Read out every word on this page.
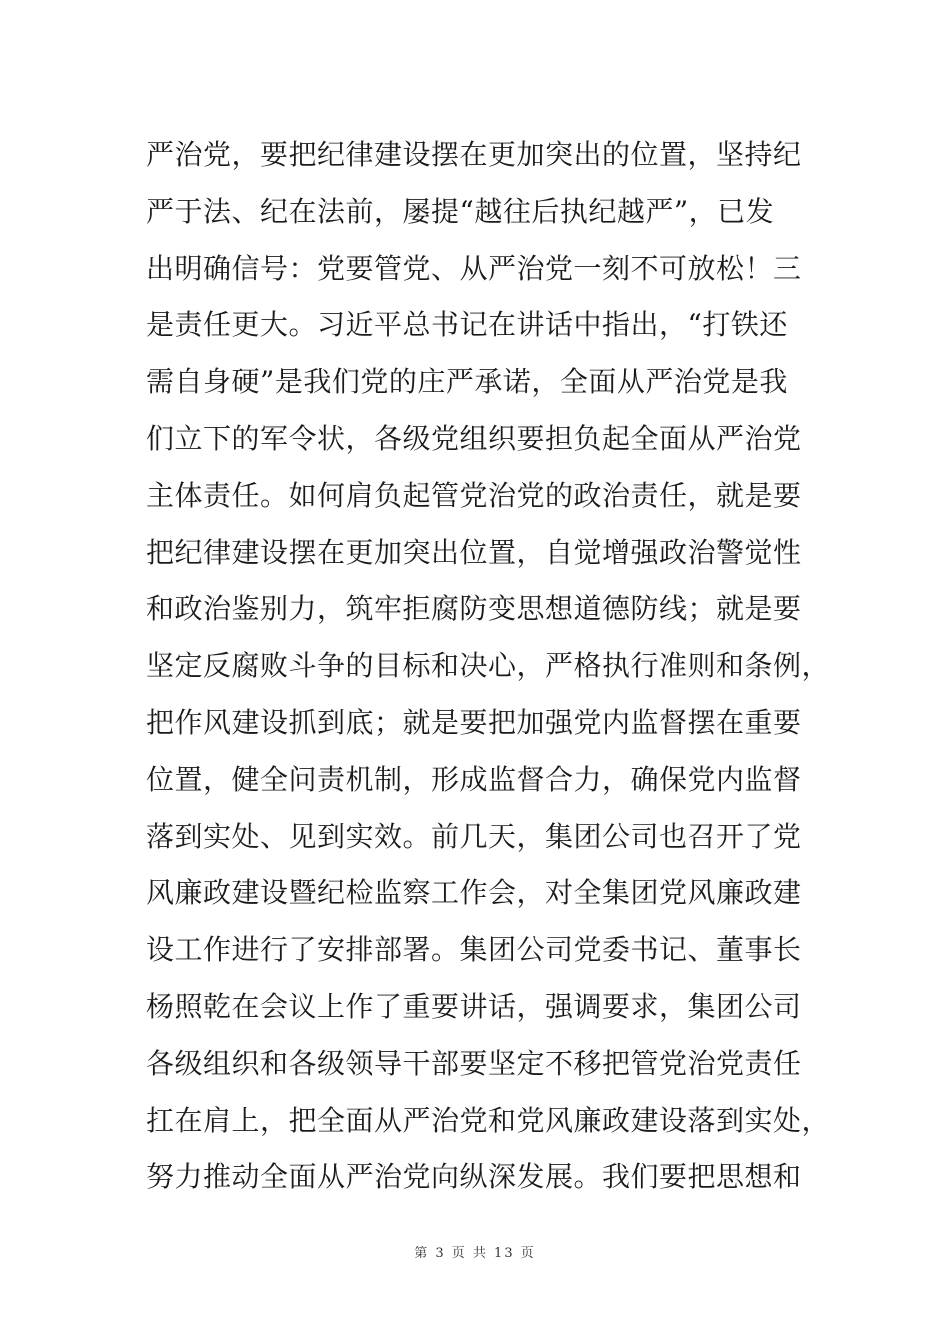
严治党，要把纪律建设摆在更加突出的位置，坚持纪
严于法、纪在法前，屡提“越往后执纪越严”，已发
出明确信号：党要管党、从严治党一刻不可放松！三
是责任更大。习近平总书记在讲话中指出，“打铁还
需自身硬”是我们党的庄严承诺，全面从严治党是我
们立下的军令状，各级党组织要担负起全面从严治党
主体责任。如何肩负起管党治党的政治责任，就是要
把纪律建设摆在更加突出位置，自觉增强政治警觉性
和政治鉴别力，筑牢拒腐防变思想道德防线；就是要
坚定反腐败斗争的目标和决心，严格执行准则和条例，
把作风建设抓到底；就是要把加强党内监督摆在重要
位置，健全问责机制，形成监督合力，确保党内监督
落到实处、见到实效。前几天，集团公司也召开了党
风廉政建设暨纪检监察工作会，对全集团党风廉政建
设工作进行了安排部署。集团公司党委书记、董事长
杨照乾在会议上作了重要讲话，强调要求，集团公司
各级组织和各级领导干部要坚定不移把管党治党责任
扛在肩上，把全面从严治党和党风廉政建设落到实处，
努力推动全面从严治党向纵深发展。我们要把思想和
第 3 页 共 13 页
